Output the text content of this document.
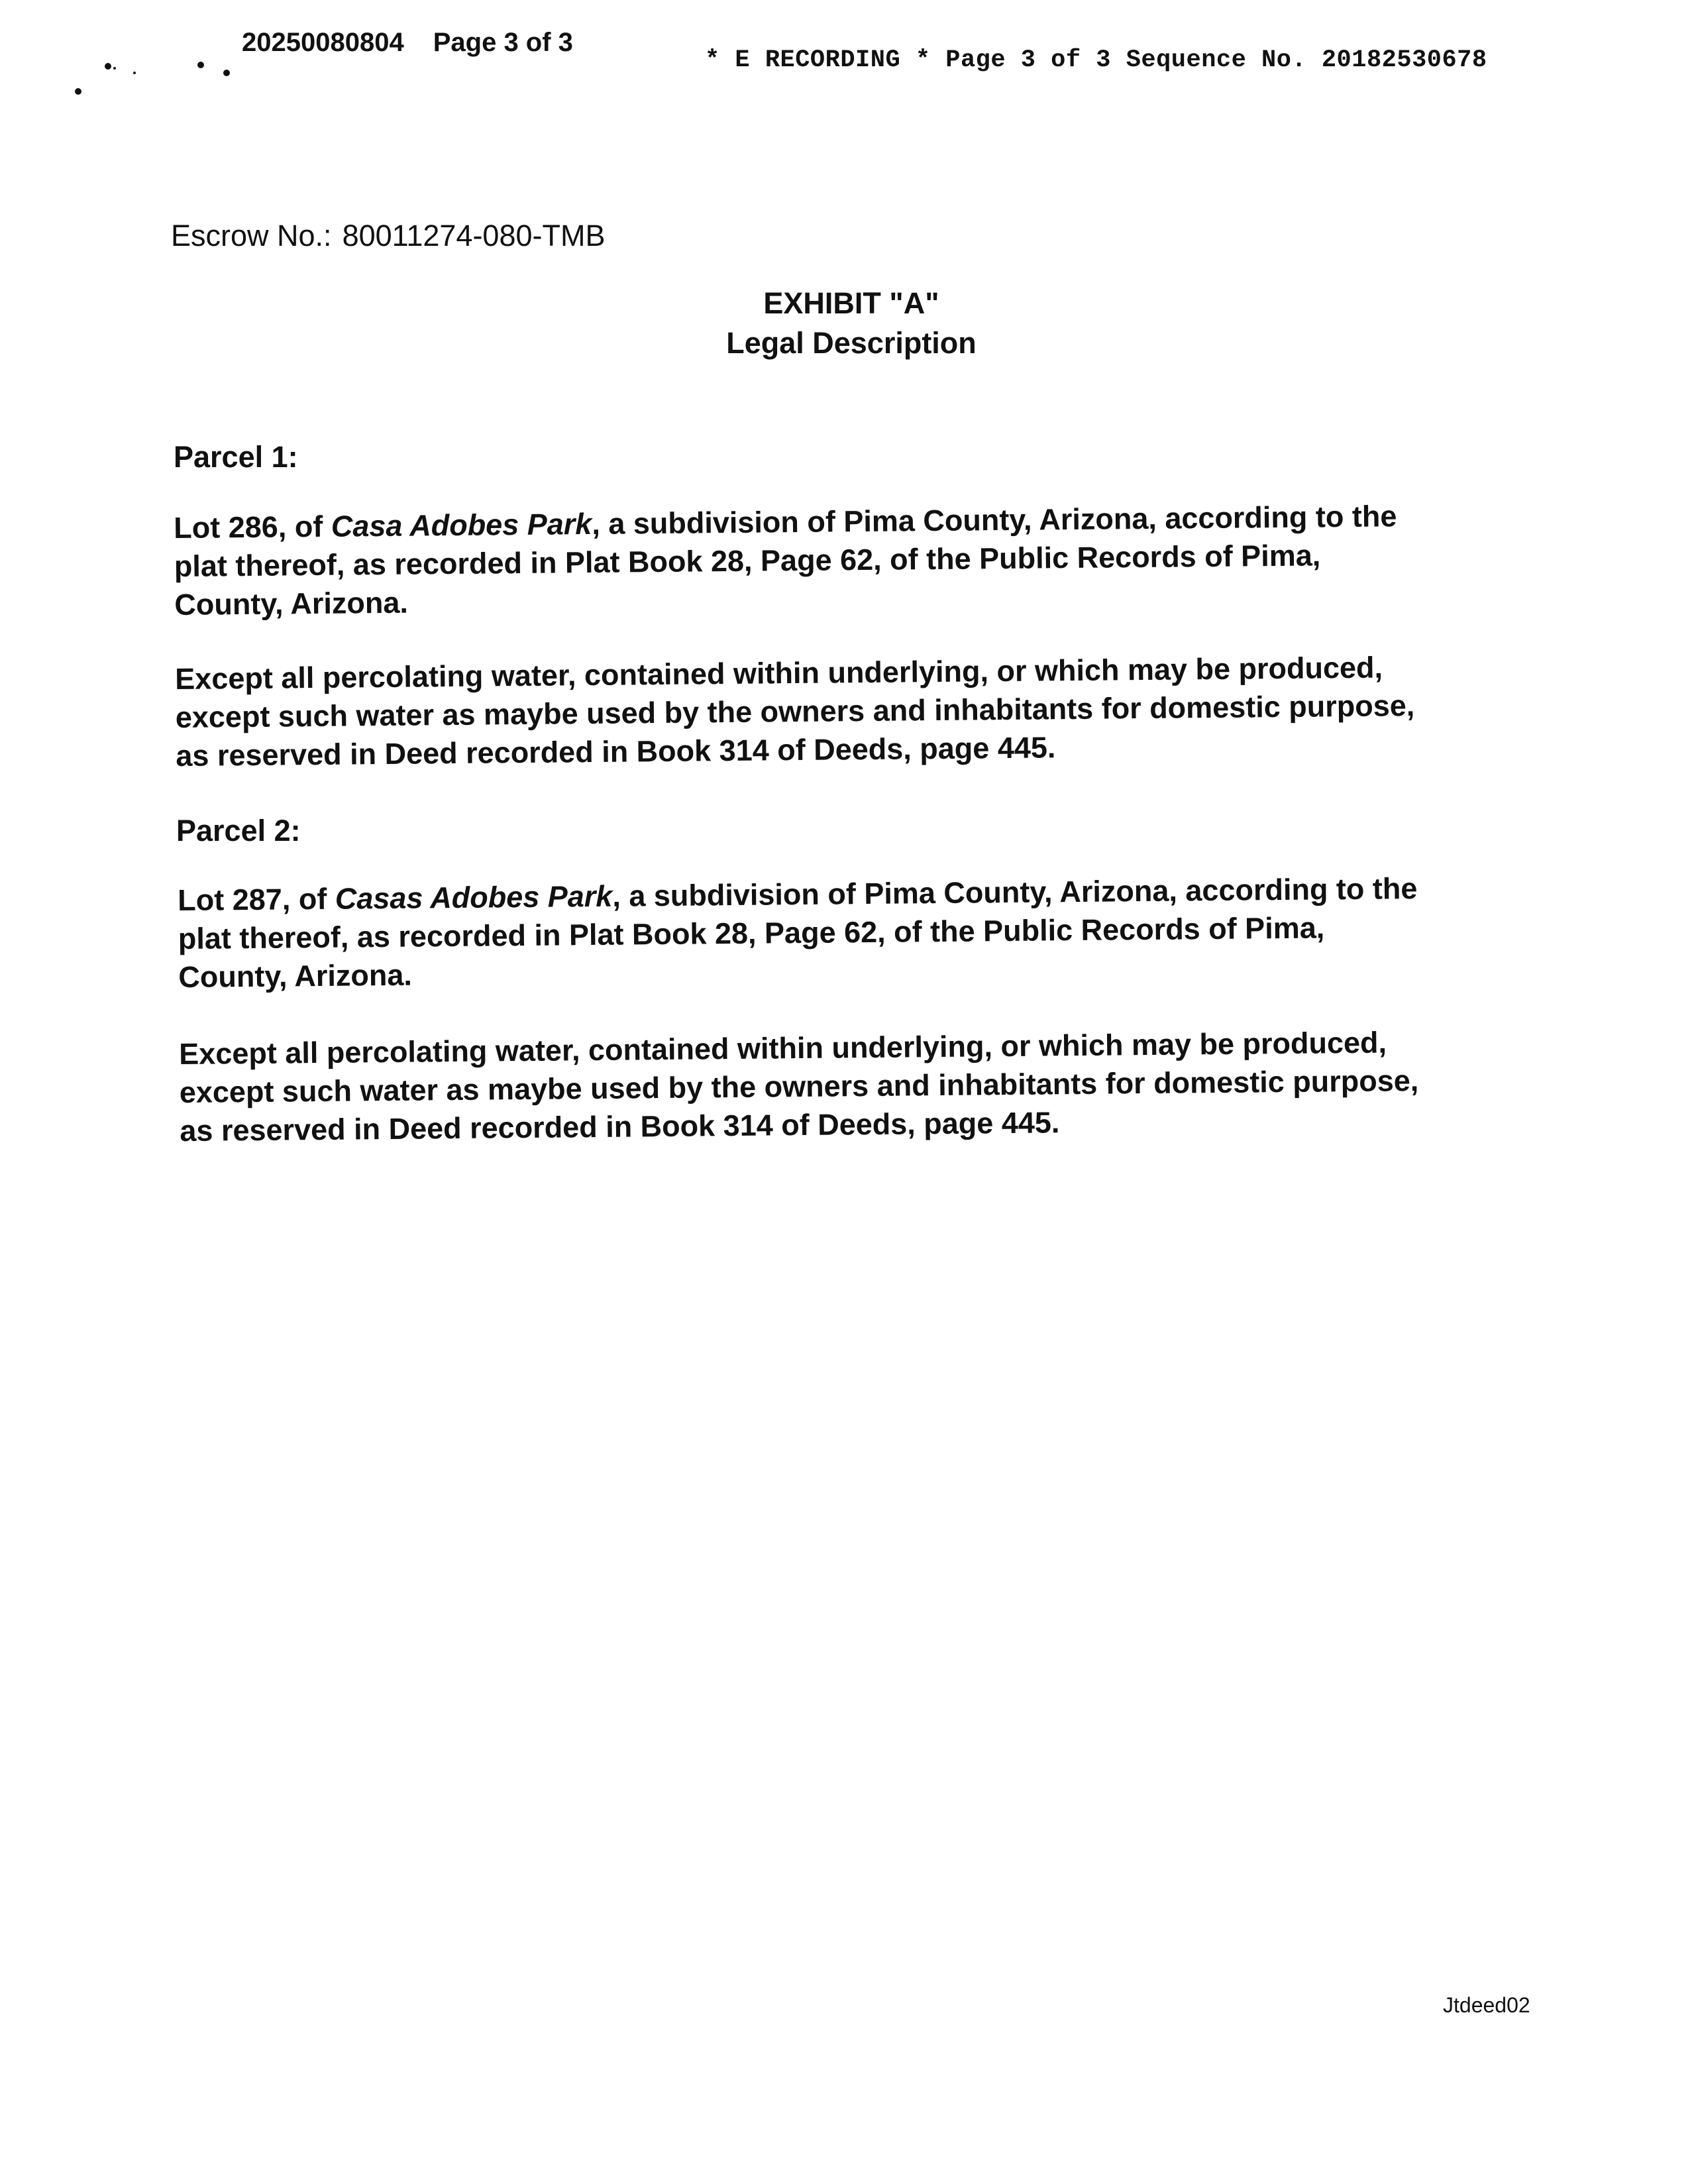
20250080804 Page 3 of 3
* E RECORDING * Page 3 of 3 Sequence No. 20182530678
Escrow No.: 80011274-080-TMB
EXHIBIT "A"
Legal Description
Parcel 1:
Lot 286, of Casa Adobes Park, a subdivision of Pima County, Arizona, according to the
plat thereof, as recorded in Plat Book 28, Page 62, of the Public Records of Pima,
County, Arizona.
Except all percolating water, contained within underlying, or which may be produced,
except such water as maybe used by the owners and inhabitants for domestic purpose,
as reserved in Deed recorded in Book 314 of Deeds, page 445.
Parcel 2:
Lot 287, of Casas Adobes Park, a subdivision of Pima County, Arizona, according to the
plat thereof, as recorded in Plat Book 28, Page 62, of the Public Records of Pima,
County, Arizona.
Except all percolating water, contained within underlying, or which may be produced,
except such water as maybe used by the owners and inhabitants for domestic purpose,
as reserved in Deed recorded in Book 314 of Deeds, page 445.
Jtdeed02
